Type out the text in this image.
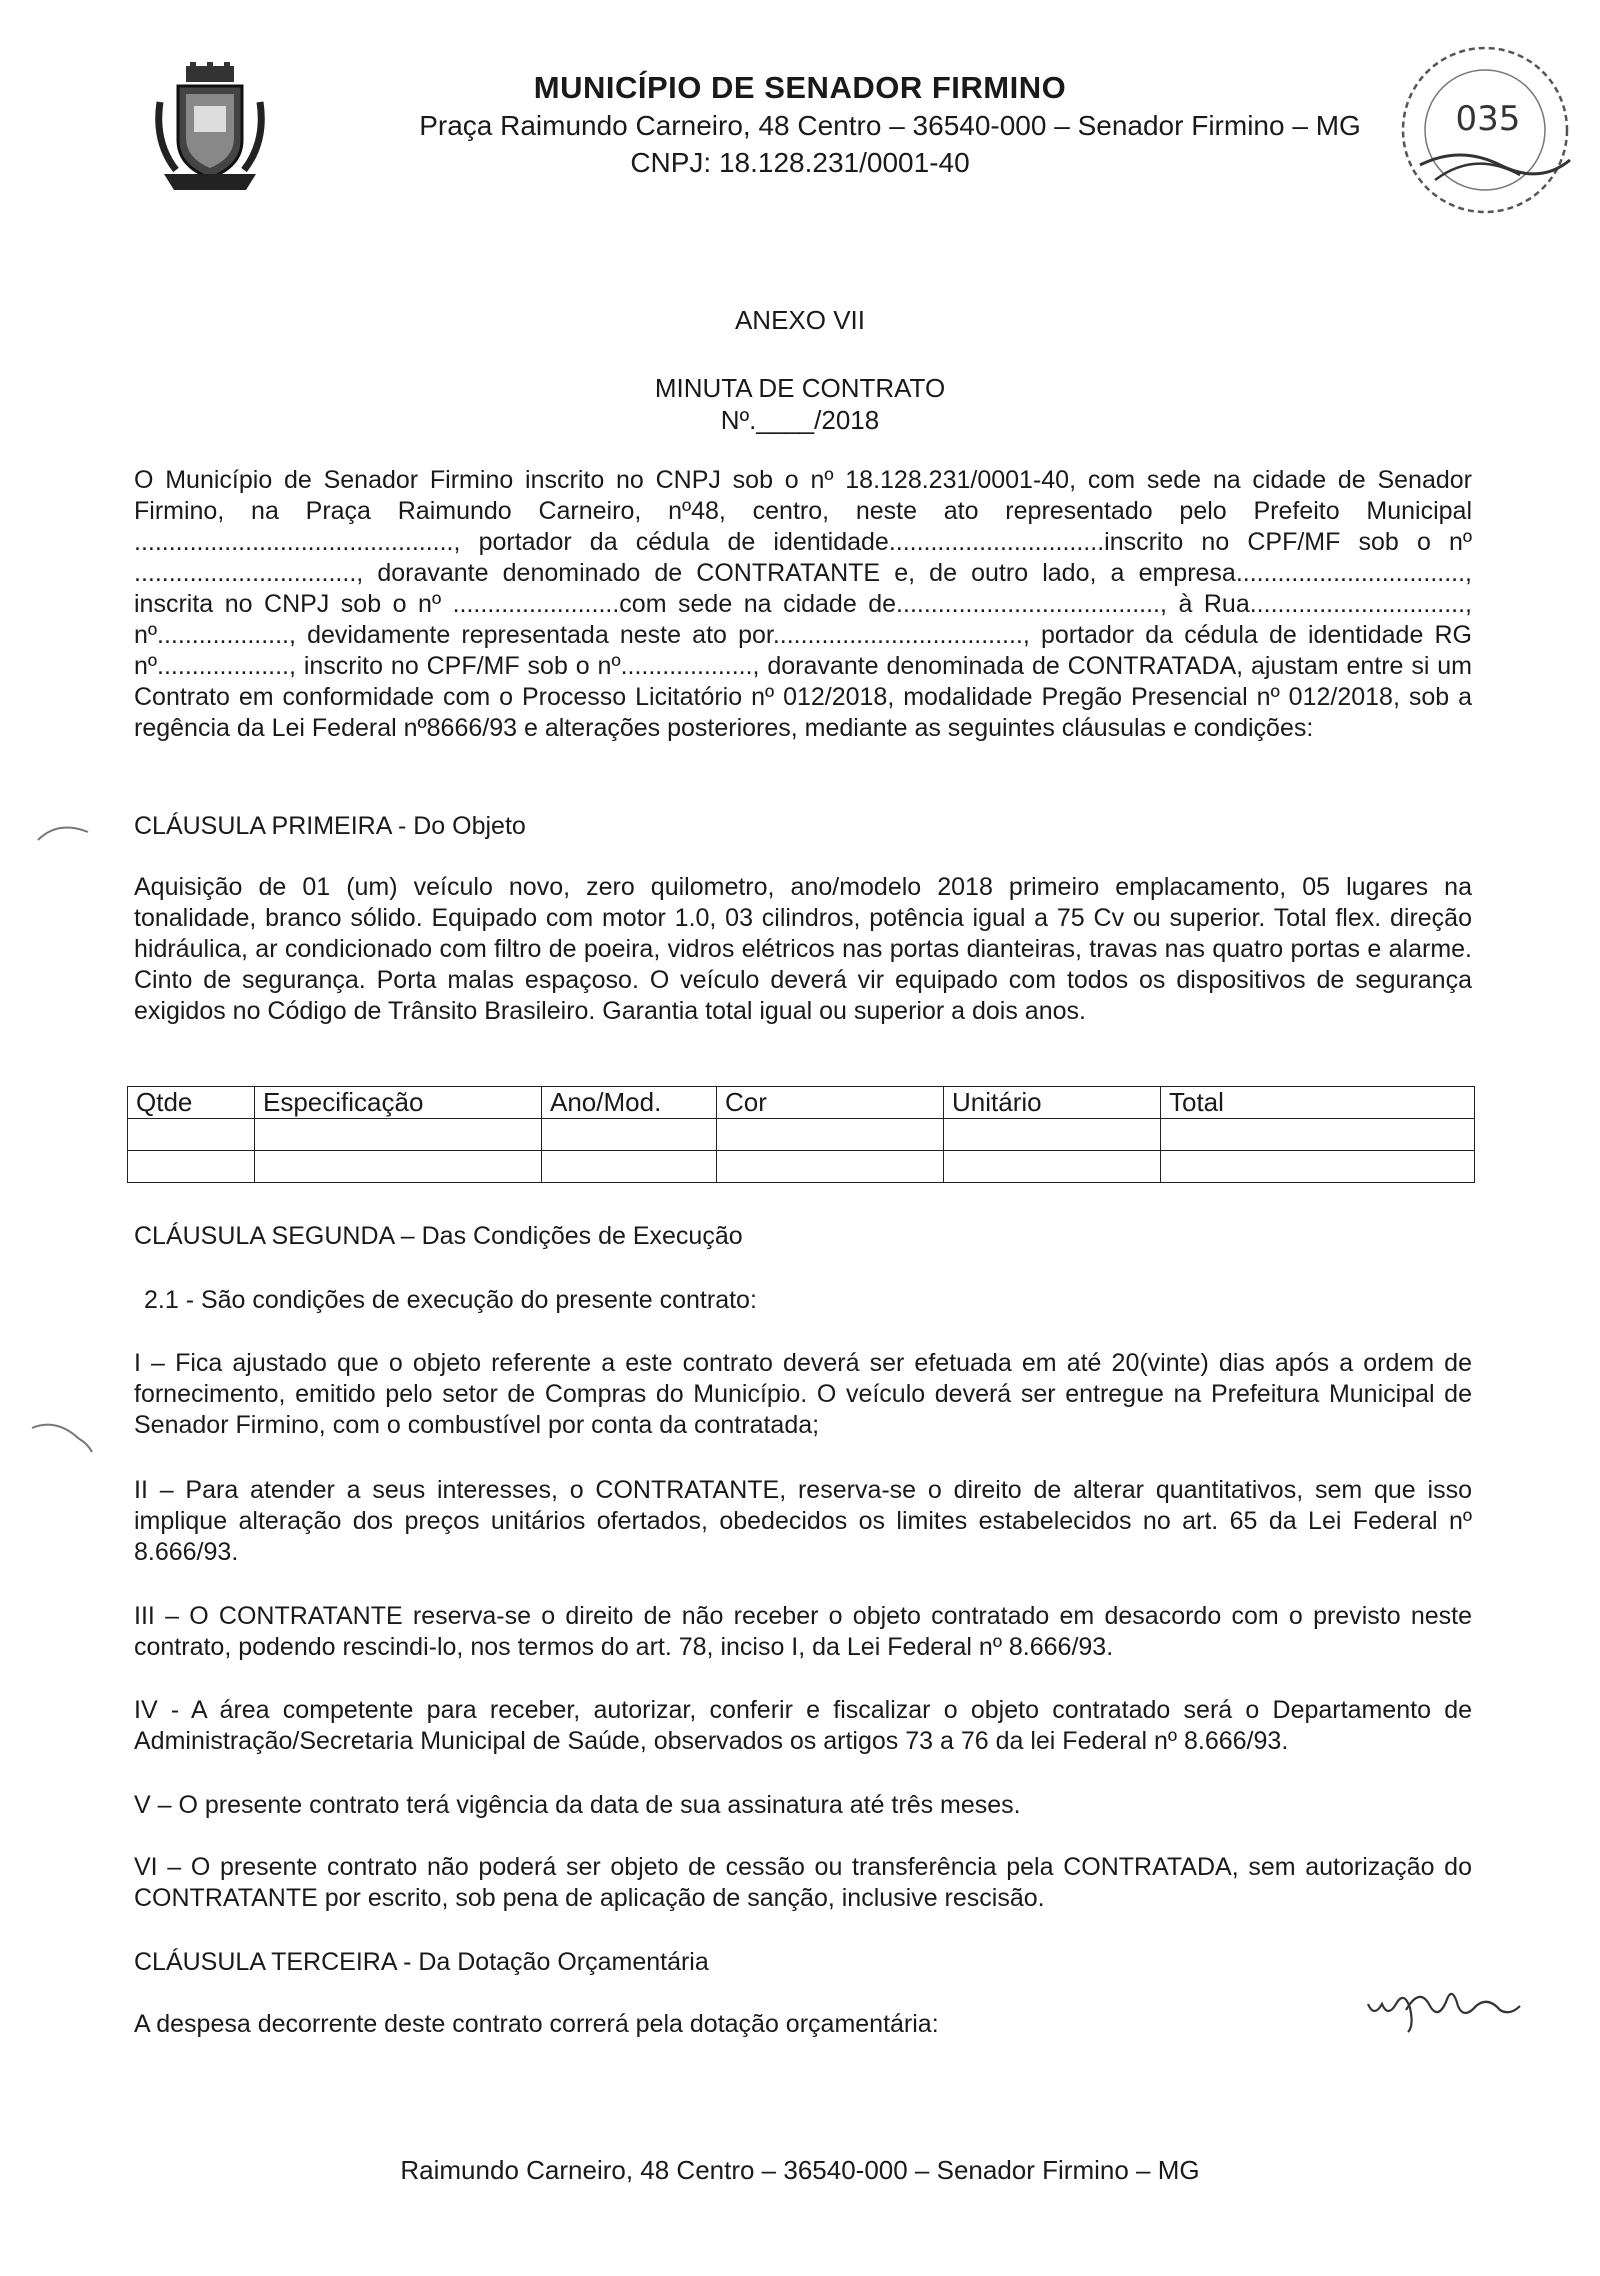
MUNICÍPIO DE SENADOR FIRMINO
Praça Raimundo Carneiro, 48 Centro – 36540-000 – Senador Firmino – MG
CNPJ: 18.128.231/0001-40
035
ANEXO VII
MINUTA DE CONTRATO
Nº.____/2018

O Município de Senador Firmino inscrito no CNPJ sob o nº 18.128.231/0001-40, com sede na cidade de Senador Firmino, na Praça Raimundo Carneiro, nº48, centro, neste ato representado pelo Prefeito Municipal .............................................., portador da cédula de identidade...............................inscrito no CPF/MF sob o nº ................................, doravante denominado de CONTRATANTE e, de outro lado, a empresa................................., inscrita no CNPJ sob o nº ........................com sede na cidade de......................................, à Rua..............................., nº..................., devidamente representada neste ato por...................................., portador da cédula de identidade RG nº..................., inscrito no CPF/MF sob o nº..................., doravante denominada de CONTRATADA, ajustam entre si um Contrato em conformidade com o Processo Licitatório nº 012/2018, modalidade Pregão Presencial nº 012/2018, sob a regência da Lei Federal nº8666/93 e alterações posteriores, mediante as seguintes cláusulas e condições:

CLÁUSULA PRIMEIRA - Do Objeto
Aquisição de 01 (um) veículo novo, zero quilometro, ano/modelo 2018 primeiro emplacamento, 05 lugares na tonalidade, branco sólido. Equipado com motor 1.0, 03 cilindros, potência igual a 75 Cv ou superior. Total flex. direção hidráulica, ar condicionado com filtro de poeira, vidros elétricos nas portas dianteiras, travas nas quatro portas e alarme. Cinto de segurança. Porta malas espaçoso. O veículo deverá vir equipado com todos os dispositivos de segurança exigidos no Código de Trânsito Brasileiro. Garantia total igual ou superior a dois anos.
Qtde	Especificação	Ano/Mod.	Cor	Unitário	Total

CLÁUSULA SEGUNDA – Das Condições de Execução
2.1 - São condições de execução do presente contrato:
I – Fica ajustado que o objeto referente a este contrato deverá ser efetuada em até 20(vinte) dias após a ordem de fornecimento, emitido pelo setor de Compras do Município. O veículo deverá ser entregue na Prefeitura Municipal de Senador Firmino, com o combustível por conta da contratada;
II – Para atender a seus interesses, o CONTRATANTE, reserva-se o direito de alterar quantitativos, sem que isso implique alteração dos preços unitários ofertados, obedecidos os limites estabelecidos no art. 65 da Lei Federal nº 8.666/93.
III – O CONTRATANTE reserva-se o direito de não receber o objeto contratado em desacordo com o previsto neste contrato, podendo rescindi-lo, nos termos do art. 78, inciso I, da Lei Federal nº 8.666/93.
IV - A área competente para receber, autorizar, conferir e fiscalizar o objeto contratado será o Departamento de Administração/Secretaria Municipal de Saúde, observados os artigos 73 a 76 da lei Federal nº 8.666/93.
V – O presente contrato terá vigência da data de sua assinatura até três meses.
VI – O presente contrato não poderá ser objeto de cessão ou transferência pela CONTRATADA, sem autorização do CONTRATANTE por escrito, sob pena de aplicação de sanção, inclusive rescisão.
CLÁUSULA TERCEIRA - Da Dotação Orçamentária
A despesa decorrente deste contrato correrá pela dotação orçamentária:
Raimundo Carneiro, 48 Centro – 36540-000 – Senador Firmino – MG
